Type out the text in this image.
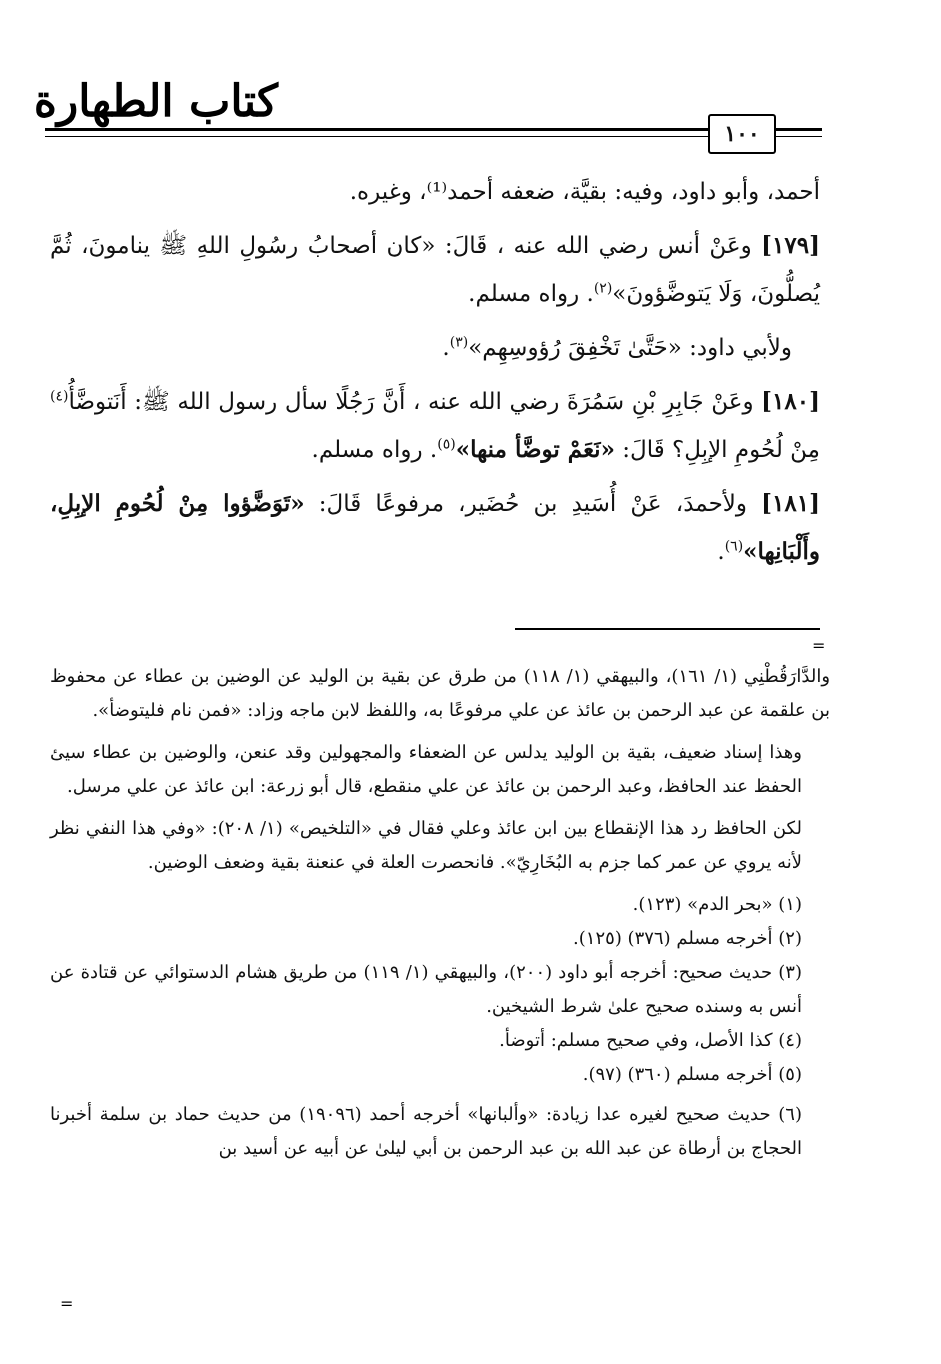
كتاب الطهارة
١٠٠

أحمد، وأبو داود، وفيه: بقيَّة، ضعفه أحمد⁽¹⁾، وغيره.

[١٧٩] وعَنْ أنس رضي الله عنه ، قَالَ: «كان أصحابُ رسُولِ اللهِ ﷺ ينامونَ، ثُمَّ يُصلُّونَ، وَلَا يَتوضَّؤونَ»$^{(٢)}$. رواه مسلم.

ولأبي داود: «حَتَّىٰ تَخْفِقَ رُؤوسِهِم»$^{(٣)}$.

[١٨٠] وعَنْ جَابِرِ بْنِ سَمُرَةَ رضي الله عنه ، أَنَّ رَجُلًا سأل رسول الله ﷺ: أَنَتوضَّأُ$^{(٤)}$ مِنْ لُحُومِ الإبِلِ؟ قَالَ: «نَعَمْ توضَّأ منها»$^{(٥)}$. رواه مسلم.

[١٨١] ولأحمدَ، عَنْ أُسَيدِ بن حُضَير، مرفوعًا قَالَ: «تَوَضَّؤوا مِنْ لُحُومِ الإبِلِ، وأَلْبَانِها»$^{(٦)}$.

=

والدَّارَقُطْنِي (١/ ١٦١)، والبيهقي (١/ ١١٨) من طرق عن بقية بن الوليد عن الوضين بن عطاء عن محفوظ بن علقمة عن عبد الرحمن بن عائذ عن علي مرفوعًا به، واللفظ لابن ماجه وزاد: «فمن نام فليتوضأ».

وهذا إسناد ضعيف، بقية بن الوليد يدلس عن الضعفاء والمجهولين وقد عنعن، والوضين بن عطاء سيئ الحفظ عند الحافظ، وعبد الرحمن بن عائذ عن علي منقطع، قال أبو زرعة: ابن عائذ عن علي مرسل.

لكن الحافظ رد هذا الإنقطاع بين ابن عائذ وعلي فقال في «التلخيص» (١/ ٢٠٨): «وفي هذا النفي نظر لأنه يروي عن عمر كما جزم به البُخَارِيّ». فانحصرت العلة في عنعنة بقية وضعف الوضين.

(١) «بحر الدم» (١٢٣).

(٢) أخرجه مسلم (٣٧٦) (١٢٥).

(٣) حديث صحيح: أخرجه أبو داود (٢٠٠)، والبيهقي (١/ ١١٩) من طريق هشام الدستوائي عن قتادة عن أنس به وسنده صحيح علىٰ شرط الشيخين.

(٤) كذا الأصل، وفي صحيح مسلم: أتوضأ.

(٥) أخرجه مسلم (٣٦٠) (٩٧).

(٦) حديث صحيح لغيره عدا زيادة: «وألبانها» أخرجه أحمد (١٩٠٩٦) من حديث حماد بن سلمة أخبرنا الحجاج بن أرطاة عن عبد الله بن عبد الرحمن بن أبي ليلىٰ عن أبيه عن أسيد بن

=
